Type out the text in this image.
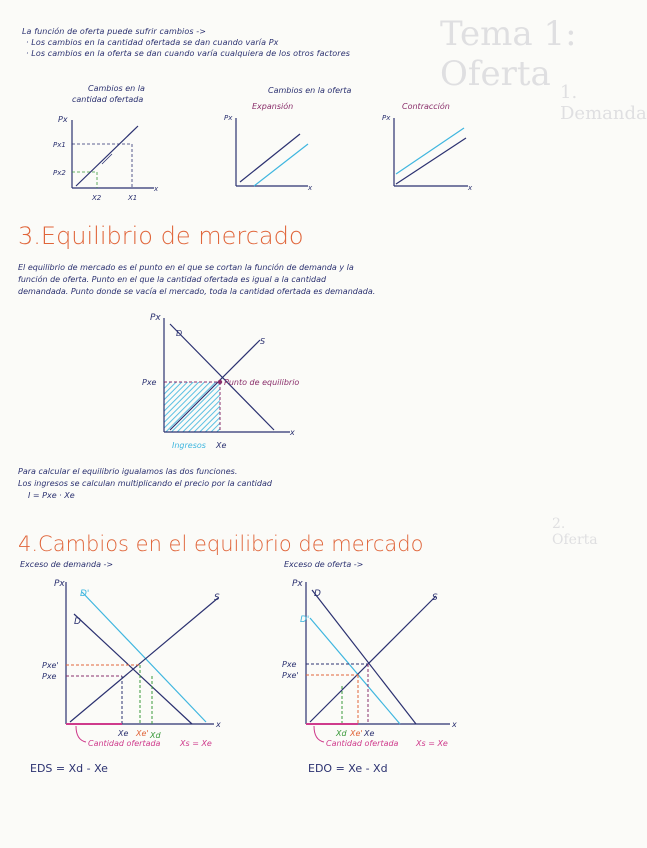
Tema 1: Oferta 1. Demanda
2. Oferta
La función de oferta puede sufrir cambios ->
· Los cambios en la cantidad ofertada se dan cuando varía Px
· Los cambios en la oferta se dan cuando varía cualquiera de los otros factores
Cambios en la
cantidad ofertada
Cambios en la oferta
Expansión	Contracción
Px
Px1
Px2
X2	X1
x
Px
x
Px
x
3.Equilibrio de mercado
El equilibrio de mercado es el punto en el que se cortan la función de demanda y la
función de oferta. Punto en el que la cantidad ofertada es igual a la cantidad
demandada. Punto donde se vacía el mercado, toda la cantidad ofertada es demandada.
Px
D
S
Pxe	Punto de equilibrio
Ingresos Xe
x
Para calcular el equilibrio igualamos las dos funciones.
Los ingresos se calculan multiplicando el precio por la cantidad
I = Pxe · Xe
4.Cambios en el equilibrio de mercado
Exceso de demanda ->	Exceso de oferta ->
Px
D'
D
S
Pxe'
Pxe
Xe Xe' Xd
x
Cantidad ofertada Xs = Xe
EDS = Xd - Xe
Px
D
D'
S
Pxe
Pxe'
Xd Xe' Xe
x
Cantidad ofertada Xs = Xe
EDO = Xe - Xd
